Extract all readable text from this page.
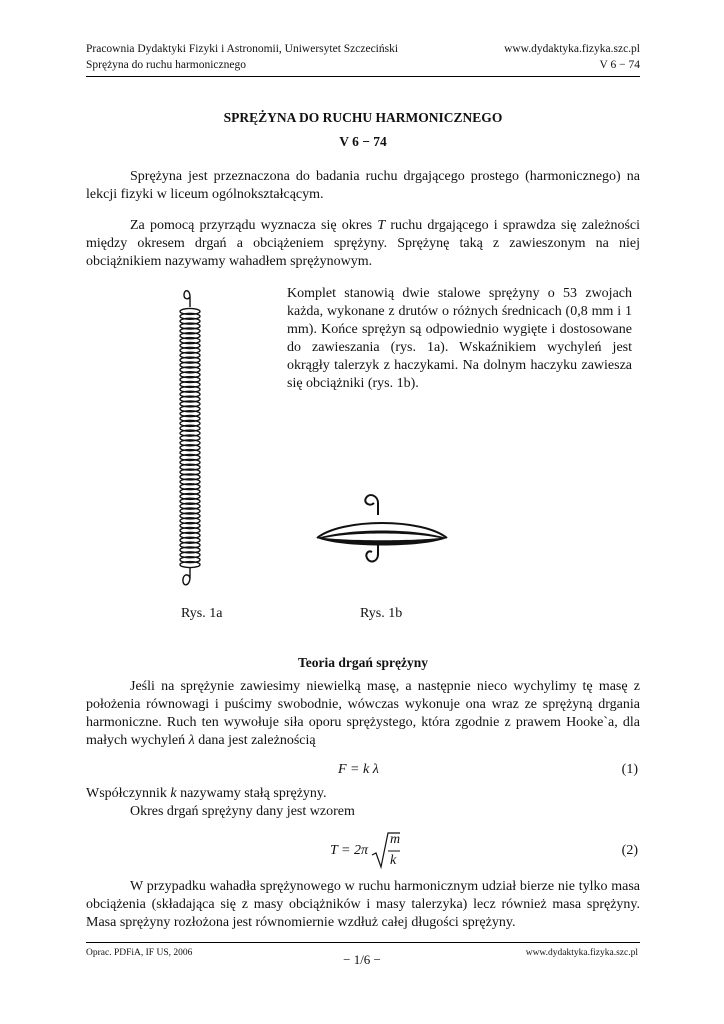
Pracownia Dydaktyki Fizyki i Astronomii, Uniwersytet Szczeciński	www.dydaktyka.fizyka.szc.pl
Sprężyna do ruchu harmonicznego	V 6 − 74
SPRĘŻYNA DO RUCHU HARMONICZNEGO
V 6 − 74

Sprężyna jest przeznaczona do badania ruchu drgającego prostego (harmonicznego) na lekcji fizyki w liceum ogólnokształcącym.

Za pomocą przyrządu wyznacza się okres T ruchu drgającego i sprawdza się zależności między okresem drgań a obciążeniem sprężyny. Sprężynę taką z zawieszonym na niej obciążnikiem nazywamy wahadłem sprężynowym.

Komplet stanowią dwie stalowe sprężyny o 53 zwojach każda, wykonane z drutów o różnych średnicach (0,8 mm i 1 mm). Końce sprężyn są odpowiednio wygięte i dostosowane do zawieszania (rys. 1a). Wskaźnikiem wychyleń jest okrągły talerzyk z haczykami. Na dolnym haczyku zawiesza się obciążniki (rys. 1b).

Rys. 1a	Rys. 1b
Teoria drgań sprężyny

Jeśli na sprężynie zawiesimy niewielką masę, a następnie nieco wychylimy tę masę z położenia równowagi i puścimy swobodnie, wówczas wykonuje ona wraz ze sprężyną drgania harmoniczne. Ruch ten wywołuje siła oporu sprężystego, która zgodnie z prawem Hooke`a, dla małych wychyleń λ dana jest zależnością

F = k λ	(1)

Współczynnik k nazywamy stałą sprężyny.

Okres drgań sprężyny dany jest wzorem

T = 2π
m
k
(2)

W przypadku wahadła sprężynowego w ruchu harmonicznym udział bierze nie tylko masa obciążenia (składająca się z masy obciążników i masy talerzyka) lecz również masa sprężyny. Masa sprężyny rozłożona jest równomiernie wzdłuż całej długości sprężyny.

Oprac. PDFiA, IF US, 2006	www.dydaktyka.fizyka.szc.pl
− 1/6 −
